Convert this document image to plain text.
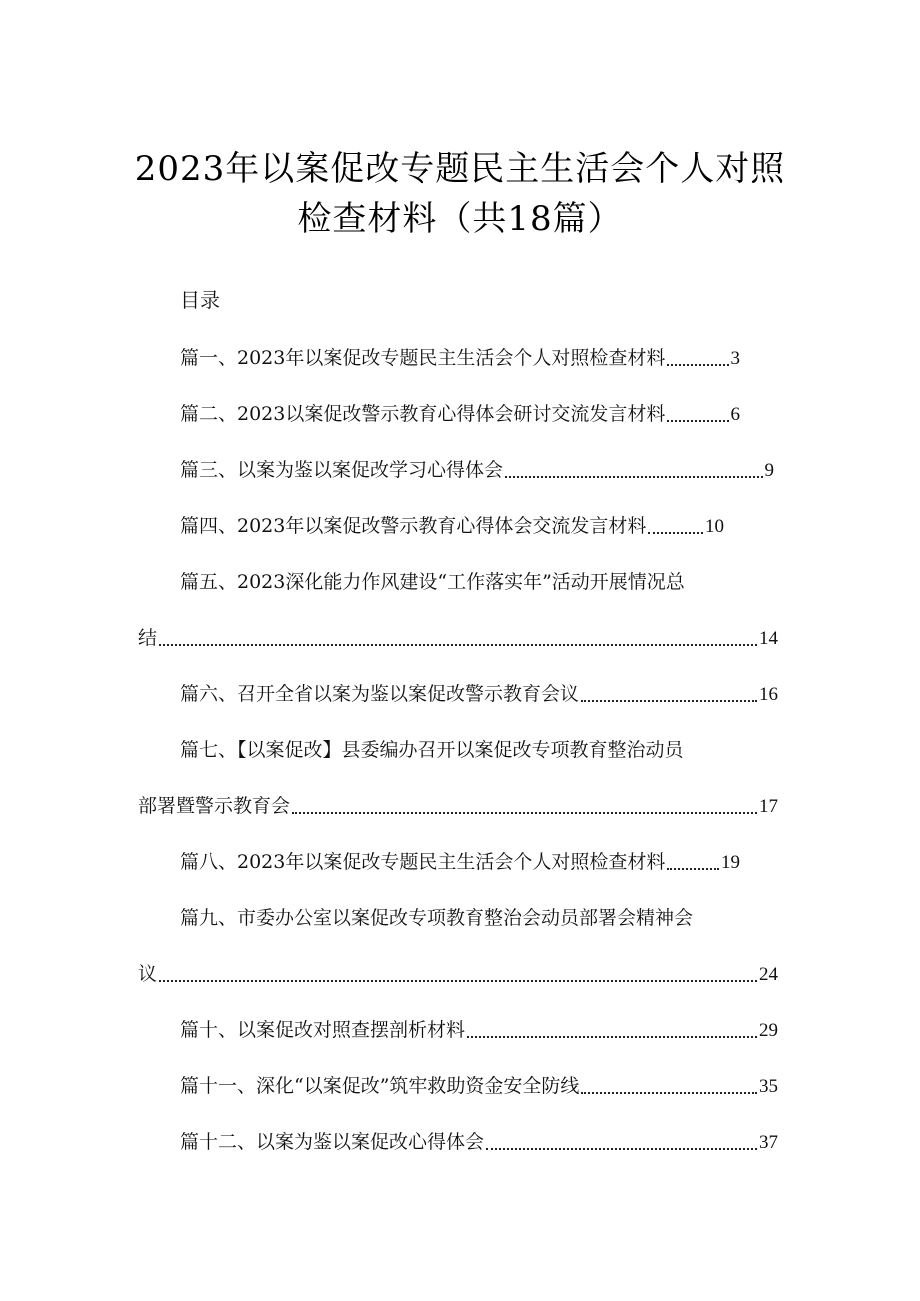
2023年以案促改专题民主生活会个人对照
检查材料（共18篇）
目录
篇一、2023年以案促改专题民主生活会个人对照检查材料	3
篇二、2023以案促改警示教育心得体会研讨交流发言材料	6
篇三、以案为鉴以案促改学习心得体会	9
篇四、2023年以案促改警示教育心得体会交流发言材料	10
篇五、2023深化能力作风建设“工作落实年”活动开展情况总
结	14
篇六、召开全省以案为鉴以案促改警示教育会议	16
篇七、【以案促改】县委编办召开以案促改专项教育整治动员
部署暨警示教育会	17
篇八、2023年以案促改专题民主生活会个人对照检查材料	19
篇九、市委办公室以案促改专项教育整治会动员部署会精神会
议	24
篇十、以案促改对照查摆剖析材料	29
篇十一、深化“以案促改”筑牢救助资金安全防线	35
篇十二、以案为鉴以案促改心得体会	37
